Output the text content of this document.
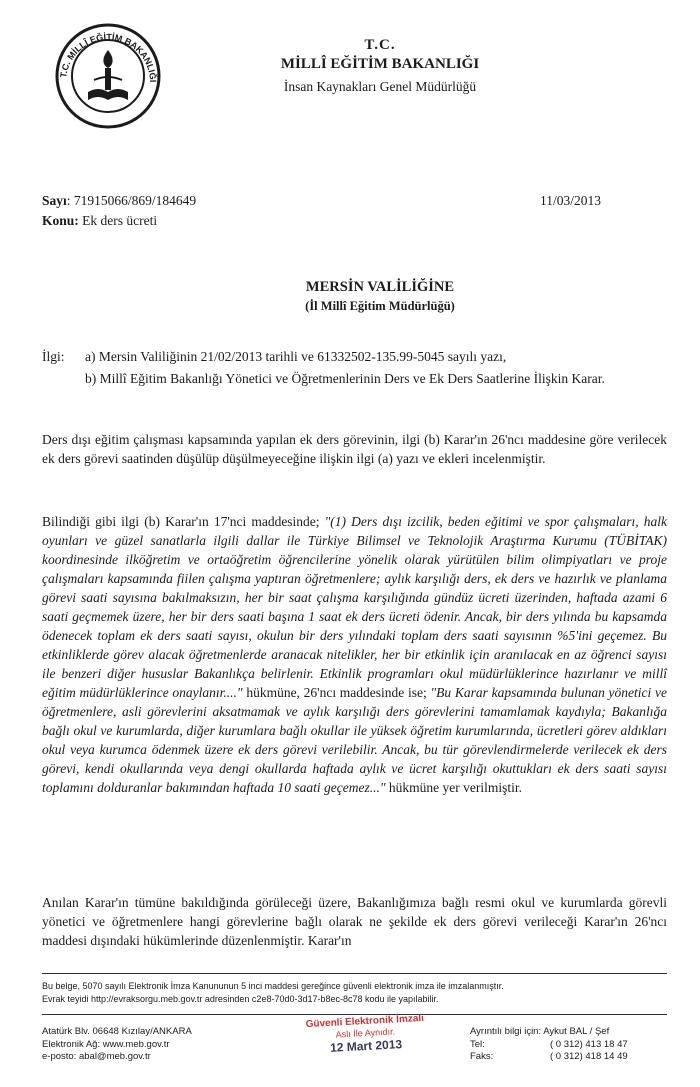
T.C. MİLLÎ EĞİTİM BAKANLIĞI
T.C.
MİLLÎ EĞİTİM BAKANLIĞI
İnsan Kaynakları Genel Müdürlüğü
Sayı: 71915066/869/184649	11/03/2013
Konu: Ek ders ücreti
MERSİN VALİLİĞİNE
(İl Millî Eğitim Müdürlüğü)
İlgi: a) Mersin Valiliğinin 21/02/2013 tarihli ve 61332502-135.99-5045 sayılı yazı,
b) Millî Eğitim Bakanlığı Yönetici ve Öğretmenlerinin Ders ve Ek Ders Saatlerine İlişkin Karar.
Ders dışı eğitim çalışması kapsamında yapılan ek ders görevinin, ilgi (b) Karar'ın 26'ncı maddesine göre verilecek ek ders görevi saatinden düşülüp düşülmeyeceğine ilişkin ilgi (a) yazı ve ekleri incelenmiştir.
Bilindiği gibi ilgi (b) Karar'ın 17'nci maddesinde; "(1) Ders dışı izcilik, beden eğitimi ve spor çalışmaları, halk oyunları ve güzel sanatlarla ilgili dallar ile Türkiye Bilimsel ve Teknolojik Araştırma Kurumu (TÜBİTAK) koordinesinde ilköğretim ve ortaöğretim öğrencilerine yönelik olarak yürütülen bilim olimpiyatları ve proje çalışmaları kapsamında fiilen çalışma yaptıran öğretmenlere; aylık karşılığı ders, ek ders ve hazırlık ve planlama görevi saati sayısına bakılmaksızın, her bir saat çalışma karşılığında gündüz ücreti üzerinden, haftada azami 6 saati geçmemek üzere, her bir ders saati başına 1 saat ek ders ücreti ödenir. Ancak, bir ders yılında bu kapsamda ödenecek toplam ek ders saati sayısı, okulun bir ders yılındaki toplam ders saati sayısının %5'ini geçemez. Bu etkinliklerde görev alacak öğretmenlerde aranacak nitelikler, her bir etkinlik için aranılacak en az öğrenci sayısı ile benzeri diğer hususlar Bakanlıkça belirlenir. Etkinlik programları okul müdürlüklerince hazırlanır ve millî eğitim müdürlüklerince onaylanır...." hükmüne, 26'ncı maddesinde ise; "Bu Karar kapsamında bulunan yönetici ve öğretmenlere, asli görevlerini aksatmamak ve aylık karşılığı ders görevlerini tamamlamak kaydıyla; Bakanlığa bağlı okul ve kurumlarda, diğer kurumlara bağlı okullar ile yüksek öğretim kurumlarında, ücretleri görev aldıkları okul veya kurumca ödenmek üzere ek ders görevi verilebilir. Ancak, bu tür görevlendirmelerde verilecek ek ders görevi, kendi okullarında veya dengi okullarda haftada aylık ve ücret karşılığı okuttukları ek ders saati sayısı toplamını dolduranlar bakımından haftada 10 saati geçemez..." hükmüne yer verilmiştir.
Anılan Karar'ın tümüne bakıldığında görüleceği üzere, Bakanlığımıza bağlı resmi okul ve kurumlarda görevli yönetici ve öğretmenlere hangi görevlerine bağlı olarak ne şekilde ek ders görevi verileceği Karar'ın 26'ncı maddesi dışındaki hükümlerinde düzenlenmiştir. Karar'ın
Bu belge, 5070 sayılı Elektronik İmza Kanununun 5 inci maddesi gereğince güvenli elektronik imza ile imzalanmıştır.
Evrak teyidi http://evraksorgu.meb.gov.tr adresinden c2e8-70d0-3d17-b8ec-8c78 kodu ile yapılabilir.
Atatürk Blv. 06648 Kızılay/ANKARA
Elektronik Ağ: www.meb.gov.tr
e-posto: abal@meb.gov.tr
Güvenli Elektronik İmzalı
Aslı İle Aynıdır.
12 Mart 2013
Ayrıntılı bilgi için: Aykut BAL / Şef
Tel:	( 0 312) 413 18 47
Faks:	( 0 312) 418 14 49
